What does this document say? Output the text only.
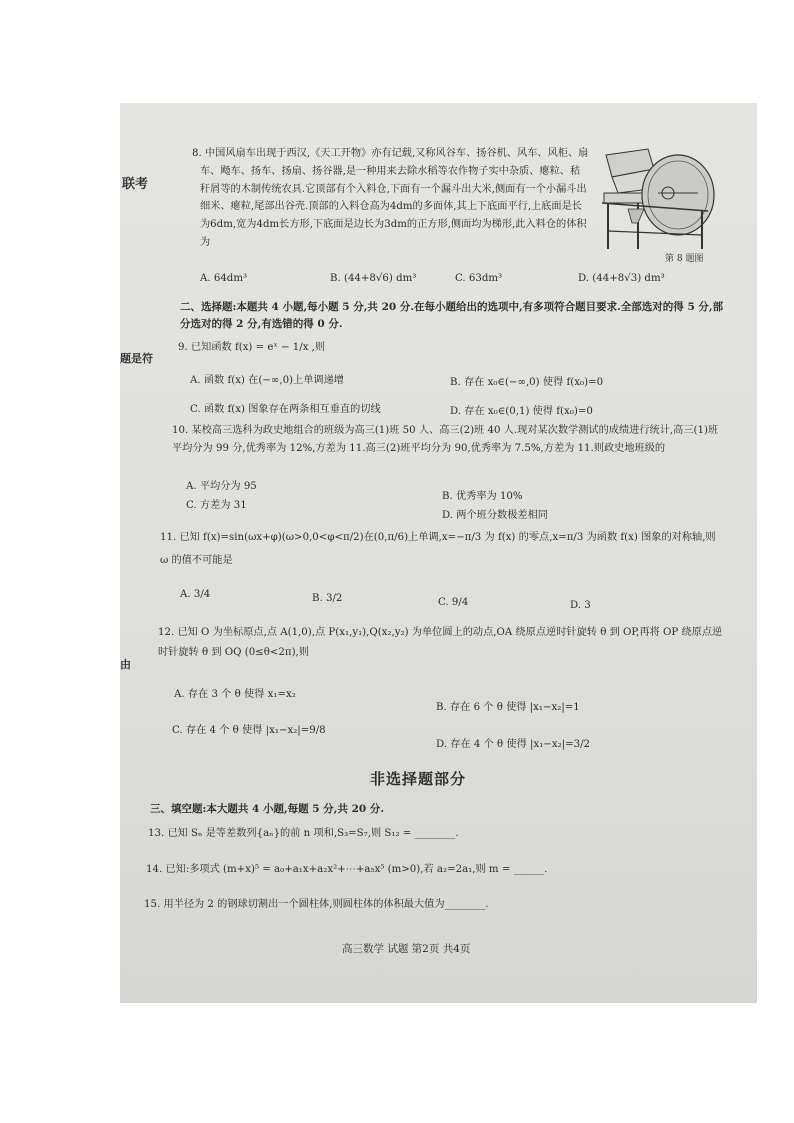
联考
题是符
由
8. 中国风扇车出现于西汉,《天工开物》亦有记载,又称风谷车、扬谷机、风车、风柜、扇车、飏车、扬车、扬扇、扬谷器,是一种用来去除水稻等农作物子实中杂质、瘪粒、秸秆屑等的木制传统农具.它顶部有个入料仓,下面有一个漏斗出大米,侧面有一个小漏斗出细米、瘪粒,尾部出谷壳.顶部的入料仓高为4dm的多面体,其上下底面平行,上底面是长为6dm,宽为4dm长方形,下底面是边长为3dm的正方形,侧面均为梯形,此入料仓的体积为
第 8 题图
A. 64dm³	B. (44+8√6) dm³	C. 63dm³	D. (44+8√3) dm³
二、选择题:本题共 4 小题,每小题 5 分,共 20 分.在每小题给出的选项中,有多项符合题目要求.全部选对的得 5 分,部分选对的得 2 分,有选错的得 0 分.
9. 已知函数 f(x) = eˣ − 1/x ,则
A. 函数 f(x) 在(−∞,0)上单调递增	B. 存在 x₀∈(−∞,0) 使得 f(x₀)=0
C. 函数 f(x) 图象存在两条相互垂直的切线	D. 存在 x₀∈(0,1) 使得 f(x₀)=0
10. 某校高三选科为政史地组合的班级为高三(1)班 50 人、高三(2)班 40 人.现对某次数学测试的成绩进行统计,高三(1)班平均分为 99 分,优秀率为 12%,方差为 11.高三(2)班平均分为 90,优秀率为 7.5%,方差为 11.则政史地班级的
A. 平均分为 95
B. 优秀率为 10%
C. 方差为 31
D. 两个班分数极差相同
11. 已知 f(x)=sin(ωx+φ)(ω>0,0<φ<π/2)在(0,π/6)上单调,x=−π/3 为 f(x) 的零点,x=π/3 为函数 f(x) 图象的对称轴,则 ω 的值不可能是
A. 3/4	B. 3/2	C. 9/4	D. 3
12. 已知 O 为坐标原点,点 A(1,0),点 P(x₁,y₁),Q(x₂,y₂) 为单位圆上的动点,OA 绕原点逆时针旋转 θ 到 OP,再将 OP 绕原点逆时针旋转 θ 到 OQ (0≤θ<2π),则
A. 存在 3 个 θ 使得 x₁=x₂
B. 存在 6 个 θ 使得 |x₁−x₂|=1
C. 存在 4 个 θ 使得 |x₁−x₂|=9/8
D. 存在 4 个 θ 使得 |x₁−x₂|=3/2
非选择题部分
三、填空题:本大题共 4 小题,每题 5 分,共 20 分.
13. 已知 Sₙ 是等差数列{aₙ}的前 n 项和,S₃=S₇,则 S₁₂ = ________.
14. 已知:多项式 (m+x)⁵ = a₀+a₁x+a₂x²+⋯+a₅x⁵ (m>0),若 a₂=2a₁,则 m = ______.
15. 用半径为 2 的钢球切割出一个圆柱体,则圆柱体的体积最大值为________.
高三数学 试题 第2页 共4页
